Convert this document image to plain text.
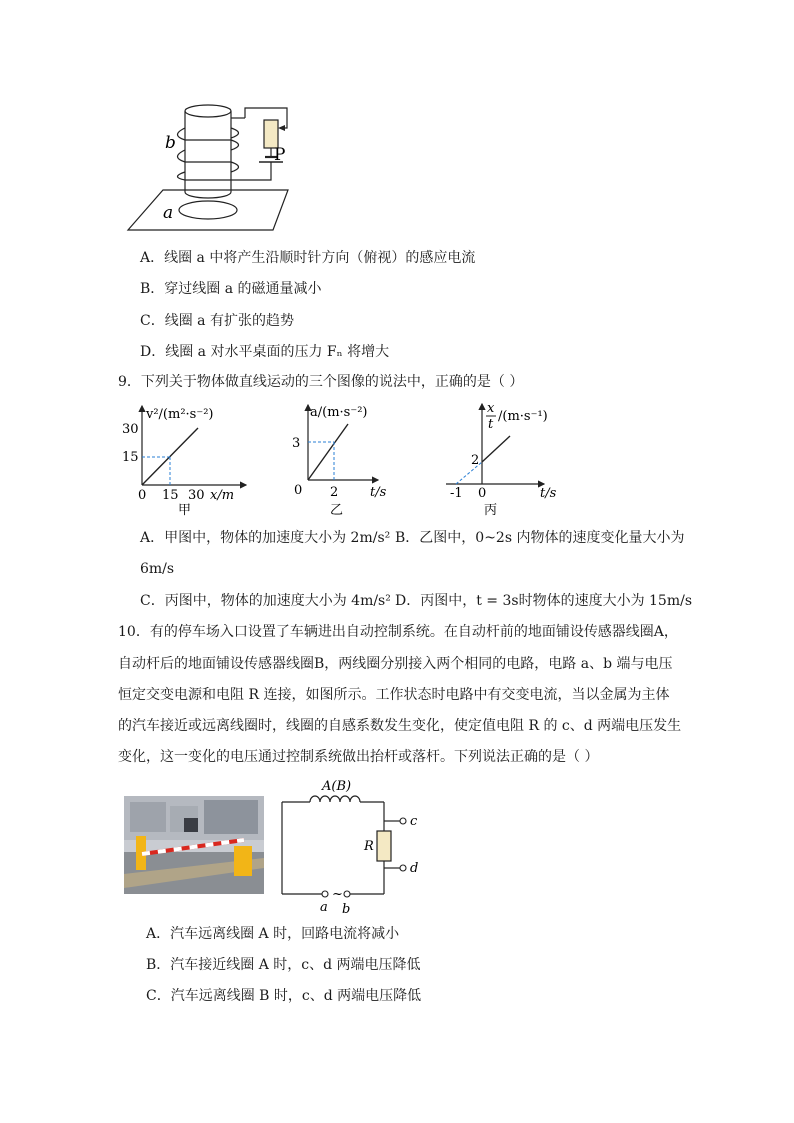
b
a
P
A．线圈 a 中将产生沿顺时针方向（俯视）的感应电流
B．穿过线圈 a 的磁通量减小
C．线圈 a 有扩张的趋势
D．线圈 a 对水平桌面的压力 Fₙ 将增大
9．下列关于物体做直线运动的三个图像的说法中，正确的是（ ）
v²/(m²·s⁻²)
30
15
0 15 30 x/m
甲
a/(m·s⁻²)
3
0 2 t/s
乙
x
t
/(m·s⁻¹)
2
-1 0	t/s
丙
A．甲图中，物体的加速度大小为 2m/s² B．乙图中，0~2s 内物体的速度变化量大小为
6m/s
C．丙图中，物体的加速度大小为 4m/s² D．丙图中，t = 3s时物体的速度大小为 15m/s
10．有的停车场入口设置了车辆进出自动控制系统。在自动杆前的地面铺设传感器线圈A，
自动杆后的地面铺设传感器线圈B，两线圈分别接入两个相同的电路，电路 a、b 端与电压
恒定交变电源和电阻 R 连接，如图所示。工作状态时电路中有交变电流，当以金属为主体
的汽车接近或远离线圈时，线圈的自感系数发生变化，使定值电阻 R 的 c、d 两端电压发生
变化，这一变化的电压通过控制系统做出抬杆或落杆。下列说法正确的是（ ）
A(B)
R
c
d
~
a b
A．汽车远离线圈 A 时，回路电流将减小
B．汽车接近线圈 A 时，c、d 两端电压降低
C．汽车远离线圈 B 时，c、d 两端电压降低
